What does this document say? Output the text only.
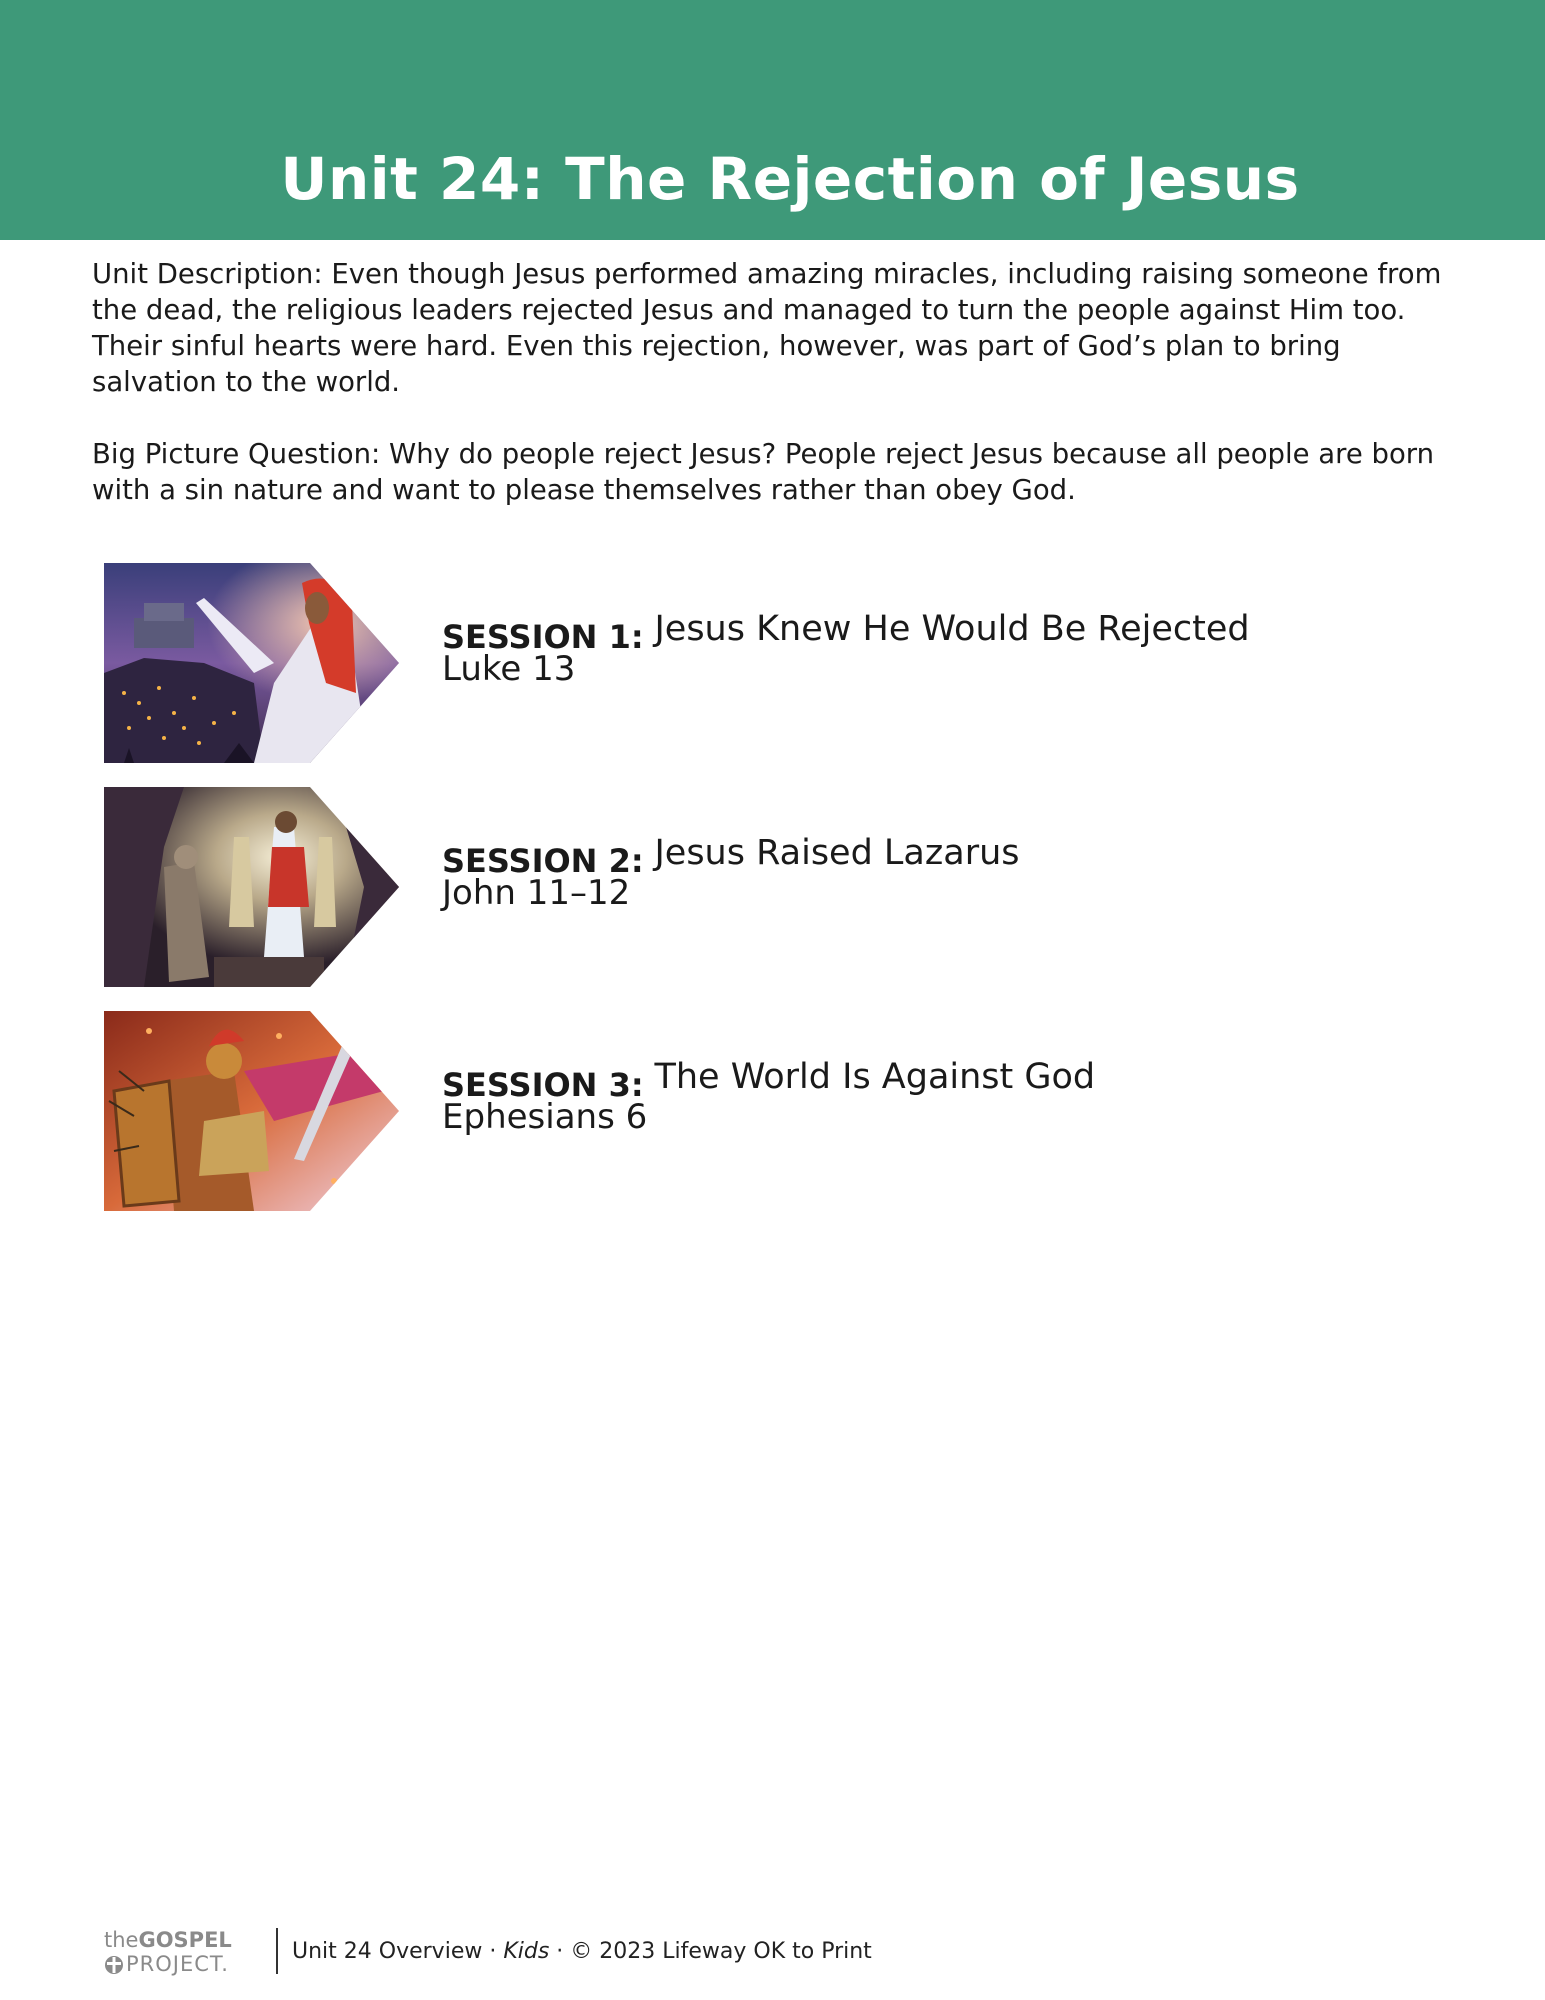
Unit 24: The Rejection of Jesus

Unit Description: Even though Jesus performed amazing miracles, including raising someone from the dead, the religious leaders rejected Jesus and managed to turn the people against Him too. Their sinful hearts were hard. Even this rejection, however, was part of God’s plan to bring salvation to the world.

Big Picture Question: Why do people reject Jesus? People reject Jesus because all people are born with a sin nature and want to please themselves rather than obey God.

SESSION 1: Jesus Knew He Would Be Rejected
Luke 13
SESSION 2: Jesus Raised Lazarus
John 11–12
SESSION 3: The World Is Against God
Ephesians 6
theGOSPEL
PROJECT.	Unit 24 Overview · Kids · © 2023 Lifeway OK to Print
